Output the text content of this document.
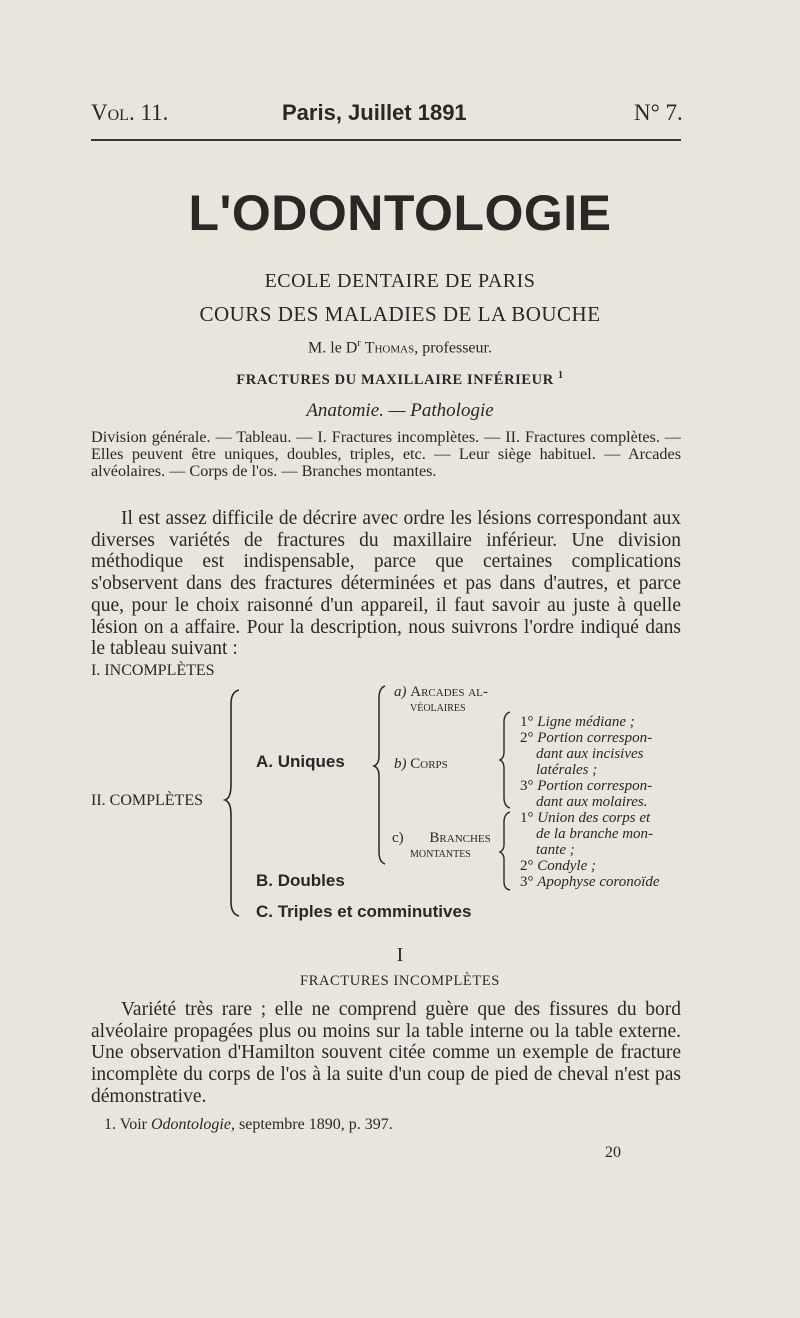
Vol. 11.	Paris, Juillet 1891	N° 7.
L'ODONTOLOGIE
ECOLE DENTAIRE DE PARIS
COURS DES MALADIES DE LA BOUCHE
M. le $D^r$ Thomas, professeur.
FRACTURES DU MAXILLAIRE INFÉRIEUR $^1$
Anatomie. — Pathologie
Division générale. — Tableau. — I. Fractures incomplètes. — II. Fractures complètes. — Elles peuvent être uniques, doubles, triples, etc. — Leur siège habituel. — Arcades alvéolaires. — Corps de l'os. — Branches montantes.

Il est assez difficile de décrire avec ordre les lésions correspondant aux diverses variétés de fractures du maxillaire inférieur. Une division méthodique est indispensable, parce que certaines complications s'observent dans des fractures déterminées et pas dans d'autres, et parce que, pour le choix raisonné d'un appareil, il faut savoir au juste à quelle lésion on a affaire. Pour la description, nous suivrons l'ordre indiqué dans le tableau suivant :

I. INCOMPLÈTES
II. COMPLÈTES
A. Uniques
B. Doubles
C. Triples et comminutives
a) Arcades al-
véolaires
b) Corps
c) Branches
montantes
1° Ligne médiane ;
2° Portion correspon-
dant aux incisives
latérales ;
3° Portion correspon-
dant aux molaires.
1° Union des corps et
de la branche mon-
tante ;
2° Condyle ;
3° Apophyse coronoïde
I
FRACTURES INCOMPLÈTES

Variété très rare ; elle ne comprend guère que des fissures du bord alvéolaire propagées plus ou moins sur la table interne ou la table externe. Une observation d'Hamilton souvent citée comme un exemple de fracture incomplète du corps de l'os à la suite d'un coup de pied de cheval n'est pas démonstrative.

1. Voir Odontologie, septembre 1890, p. 397.
20
